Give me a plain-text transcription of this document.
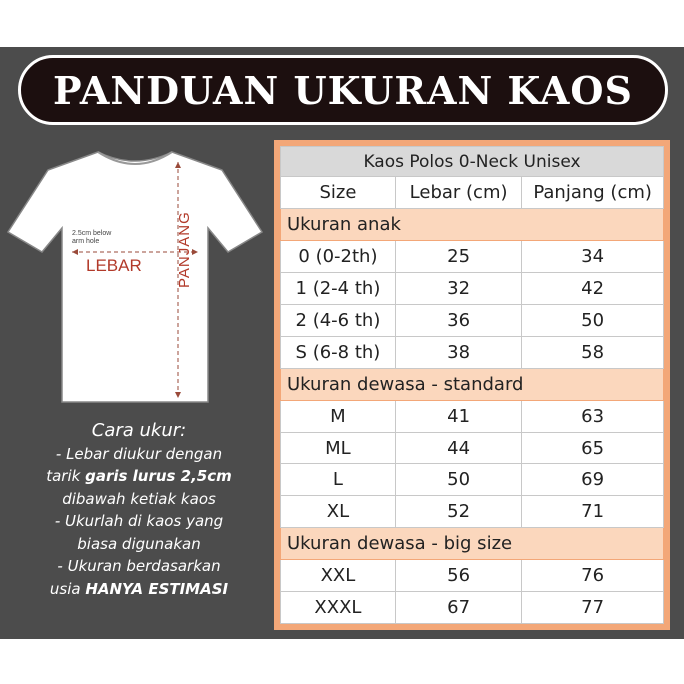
PANDUAN UKURAN KAOS
2.5cm below
arm hole
LEBAR PANJANG
Cara ukur:
- Lebar diukur dengan
tarik garis lurus 2,5cm
dibawah ketiak kaos
- Ukurlah di kaos yang
biasa digunakan
- Ukuran berdasarkan
usia HANYA ESTIMASI
Kaos Polos 0-Neck Unisex		
Size	Lebar (cm)	Panjang (cm)
Ukuran anak		
0 (0-2th)	25	34
1 (2-4 th)	32	42
2 (4-6 th)	36	50
S (6-8 th)	38	58
Ukuran dewasa - standard		
M	41	63
ML	44	65
L	50	69
XL	52	71
Ukuran dewasa - big size		
XXL	56	76
XXXL	67	77
